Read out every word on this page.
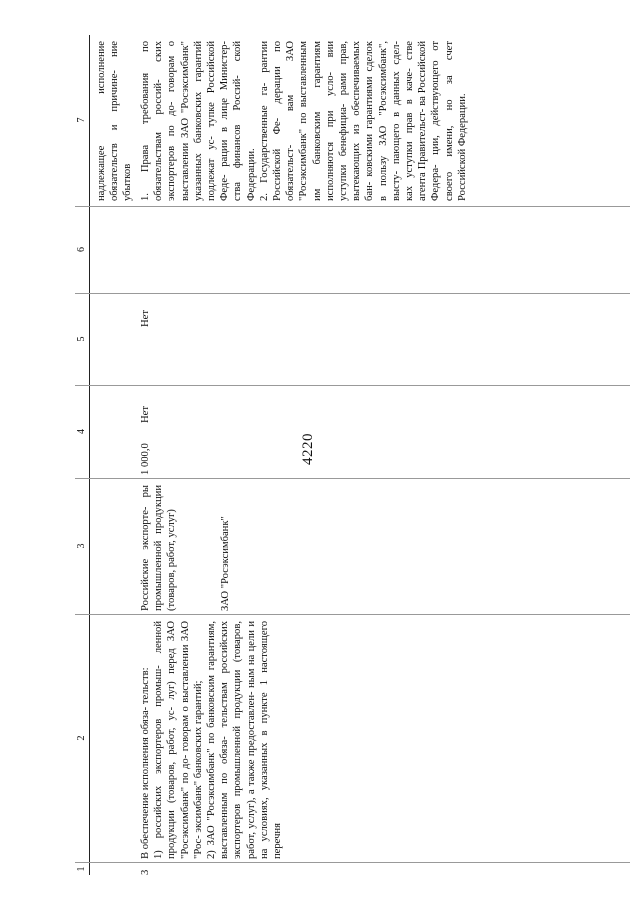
4220
1
2
3
4
5
6
7 надлежащее исполнение обязательств и причине- ние убытков
3
В обеспечение исполнения обяза- тельств: 1) российских экспортеров промыш- ленной продукции (товаров, работ, ус- луг) перед ЗАО "Росэксимбанк" по до- говорам о выставлении ЗАО "Рос- эксимбанк" банковских гарантий; 2) ЗАО "Росэксимбанк" по банковским гарантиям, выставленным по обяза- тельствам российских экспортеров промышленной продукции (товаров, работ, услуг), а также предоставлен- ным на цели и на условиях, указанных в пункте 1 настоящего перечня
Российские экспорте- ры промышленной продукции (товаров, работ, услуг)	ЗАО "Росэксимбанк"
1 000,0
Нет
Нет
1. Права требования по обязательствам россий- ских экспортеров по до- говорам о выставлении ЗАО "Росэксимбанк" указанных банковских гарантий подлежат ус- тупке Российской Феде- рации в лице Министер- ства финансов Россий- ской Федерации. 2. Государственные га- рантии Российской Фе- дерации по обязательст- вам ЗАО "Росэксимбанк" по выставленным им банковским гарантиям исполняются при усло- вии уступки бенефициа- рами прав, вытекающих из обеспечиваемых бан- ковскими гарантиями сделок в пользу ЗАО "Росэксимбанк", высту- пающего в данных сдел- ках уступки прав в каче- стве агента Правительст- ва Российской Федера- ции, действующего от своего имени, но за счет Российской Федерации.
